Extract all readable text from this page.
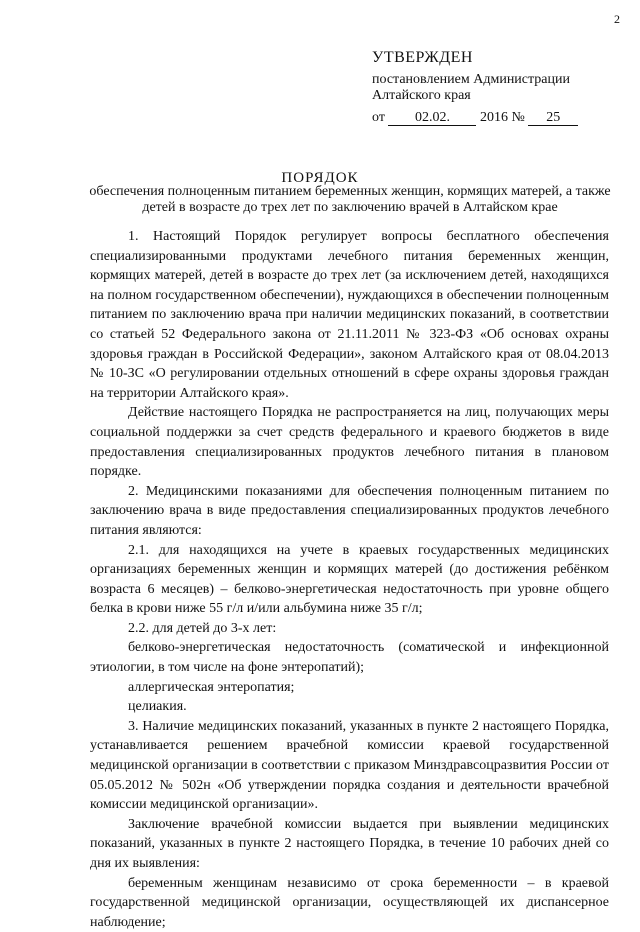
2
УТВЕРЖДЕН
постановлением Администрации
Алтайского края
от 02.02. 2016 № 25
ПОРЯДОК
обеспечения полноценным питанием беременных женщин, кормящих матерей, а также детей в возрасте до трех лет по заключению врачей в Алтайском крае

1. Настоящий Порядок регулирует вопросы бесплатного обеспечения специализированными продуктами лечебного питания беременных женщин, кормящих матерей, детей в возрасте до трех лет (за исключением детей, находящихся на полном государственном обеспечении), нуждающихся в обеспечении полноценным питанием по заключению врача при наличии медицинских показаний, в соответствии со статьей 52 Федерального закона от 21.11.2011 № 323-ФЗ «Об основах охраны здоровья граждан в Российской Федерации», законом Алтайского края от 08.04.2013 № 10-ЗС «О регулировании отдельных отношений в сфере охраны здоровья граждан на территории Алтайского края».

Действие настоящего Порядка не распространяется на лиц, получающих меры социальной поддержки за счет средств федерального и краевого бюджетов в виде предоставления специализированных продуктов лечебного питания в плановом порядке.

2. Медицинскими показаниями для обеспечения полноценным питанием по заключению врача в виде предоставления специализированных продуктов лечебного питания являются:

2.1. для находящихся на учете в краевых государственных медицинских организациях беременных женщин и кормящих матерей (до достижения ребёнком возраста 6 месяцев) – белково-энергетическая недостаточность при уровне общего белка в крови ниже 55 г/л и/или альбумина ниже 35 г/л;

2.2. для детей до 3-х лет:

белково-энергетическая недостаточность (соматической и инфекционной этиологии, в том числе на фоне энтеропатий);

аллергическая энтеропатия;

целиакия.

3. Наличие медицинских показаний, указанных в пункте 2 настоящего Порядка, устанавливается решением врачебной комиссии краевой государственной медицинской организации в соответствии с приказом Минздравсоцразвития России от 05.05.2012 № 502н «Об утверждении порядка создания и деятельности врачебной комиссии медицинской организации».

Заключение врачебной комиссии выдается при выявлении медицинских показаний, указанных в пункте 2 настоящего Порядка, в течение 10 рабочих дней со дня их выявления:

беременным женщинам независимо от срока беременности – в краевой государственной медицинской организации, осуществляющей их диспансерное наблюдение;
